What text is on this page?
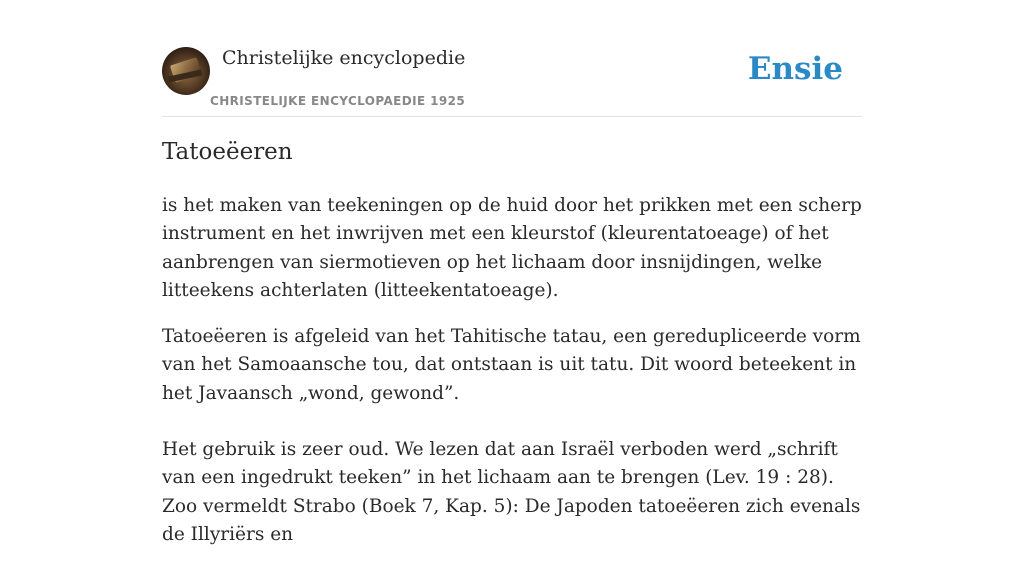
Christelijke encyclopedie
CHRISTELIJKE ENCYCLOPAEDIE 1925
Ensie
Tatoeëeren

is het maken van teekeningen op de huid door het prikken met een scherp instrument en het inwrijven met een kleurstof (kleurentatoeage) of het aanbrengen van siermotieven op het lichaam door insnijdingen, welke litteekens achterlaten (litteekentatoeage).

Tatoeëeren is afgeleid van het Tahitische tatau, een geredupliceerde vorm van het Samoaansche tou, dat ontstaan is uit tatu. Dit woord beteekent in het Javaansch „wond, gewond”.

Het gebruik is zeer oud. We lezen dat aan Israël verboden werd „schrift van een ingedrukt teeken” in het lichaam aan te brengen (Lev. 19 : 28). Zoo vermeldt Strabo (Boek 7, Kap. 5): De Japoden tatoeëeren zich evenals de Illyriërs en
